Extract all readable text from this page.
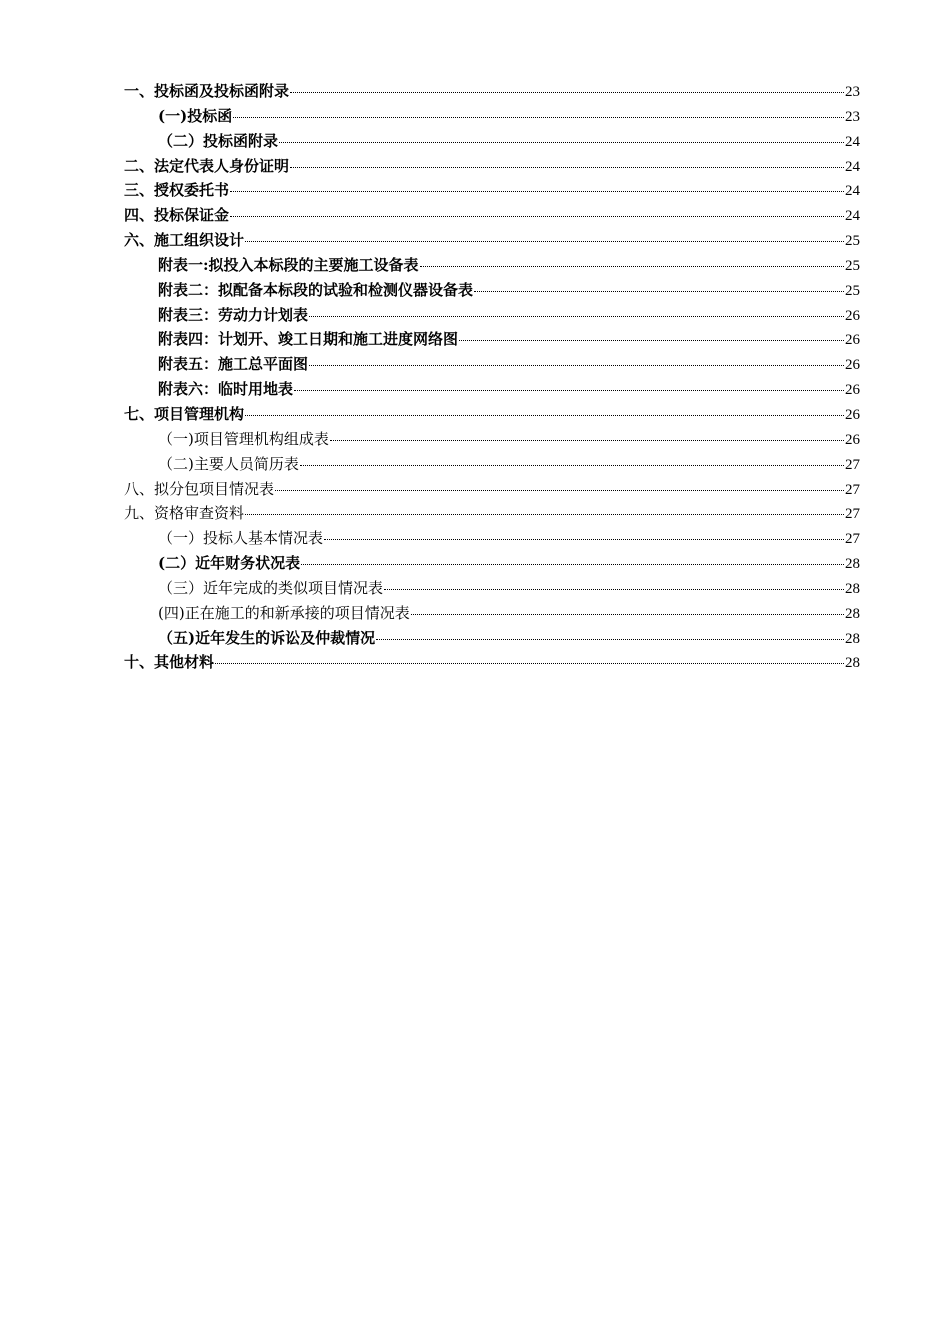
一、投标函及投标函附录	23
(一)投标函	23
（二）投标函附录	24
二、法定代表人身份证明	24
三、授权委托书	24
四、投标保证金	24
六、施工组织设计	25
附表一:拟投入本标段的主要施工设备表	25
附表二：拟配备本标段的试验和检测仪器设备表	25
附表三：劳动力计划表	26
附表四：计划开、竣工日期和施工进度网络图	26
附表五：施工总平面图	26
附表六：临时用地表	26
七、项目管理机构	26
（一)项目管理机构组成表	26
（二)主要人员简历表	27
八、拟分包项目情况表	27
九、资格审查资料	27
（一）投标人基本情况表	27
(二）近年财务状况表	28
（三）近年完成的类似项目情况表	28
(四)正在施工的和新承接的项目情况表	28
（五)近年发生的诉讼及仲裁情况	28
十、其他材料	28
